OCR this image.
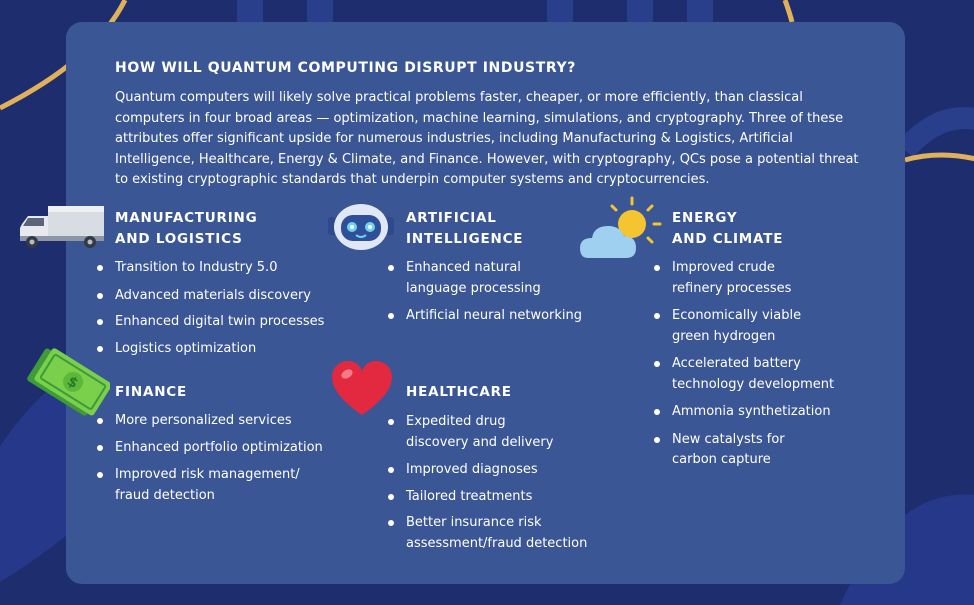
HOW WILL QUANTUM COMPUTING DISRUPT INDUSTRY?

Quantum computers will likely solve practical problems faster, cheaper, or more efficiently, than classical computers in four broad areas — optimization, machine learning, simulations, and cryptography. Three of these attributes offer significant upside for numerous industries, including Manufacturing & Logistics, Artificial Intelligence, Healthcare, Energy & Climate, and Finance. However, with cryptography, QCs pose a potential threat to existing cryptographic standards that underpin computer systems and cryptocurrencies.

MANUFACTURING
AND LOGISTICS
Transition to Industry 5.0
Advanced materials discovery
Enhanced digital twin processes
Logistics optimization
ARTIFICIAL
INTELLIGENCE
Enhanced natural language processing
Artificial neural networking
ENERGY
AND CLIMATE
Improved crude refinery processes
Economically viable green hydrogen
Accelerated battery technology development
Ammonia synthetization
New catalysts for carbon capture
$	FINANCE
More personalized services
Enhanced portfolio optimization
Improved risk management/ fraud detection
HEALTHCARE
Expedited drug discovery and delivery
Improved diagnoses
Tailored treatments
Better insurance risk assessment/fraud detection
